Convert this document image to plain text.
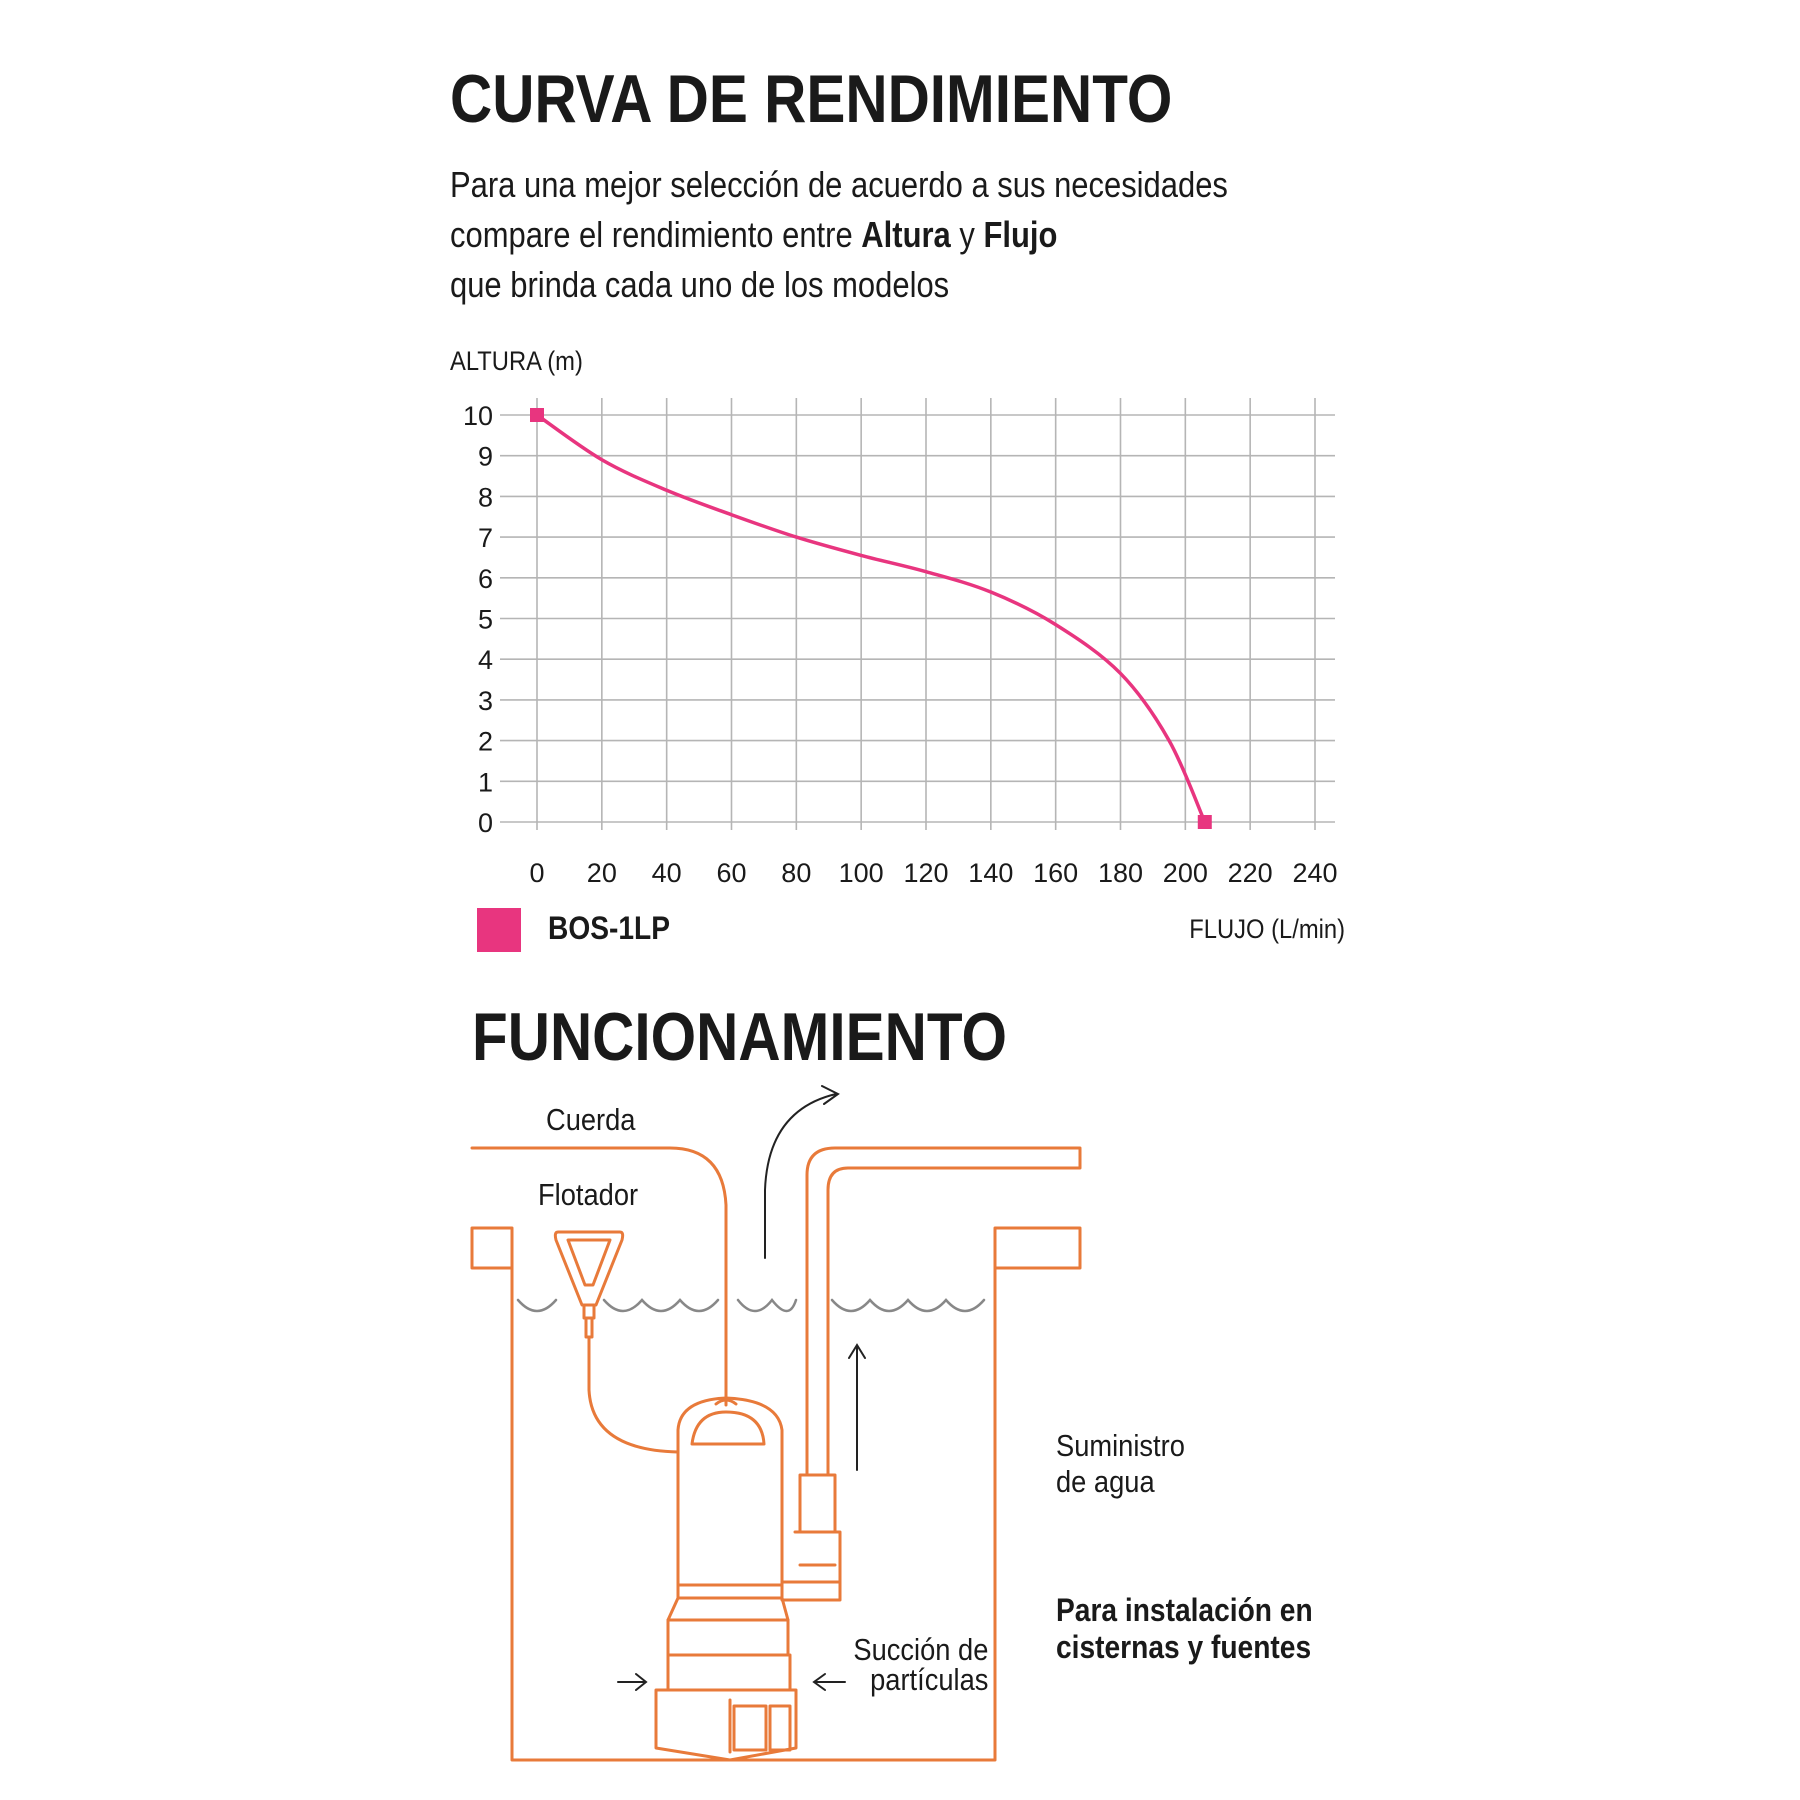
CURVA DE RENDIMIENTO
Para una mejor selección de acuerdo a sus necesidades
compare el rendimiento entre Altura y Flujo
que brinda cada uno de los modelos
ALTURA (m)
0
1
2
3
4
5
6
7
8
9
10
0 20 40 60 80 100 120 140 160 180 200 220 240
BOS-1LP	FLUJO (L/min)
FUNCIONAMIENTO
Cuerda
Flotador
Suministro
de agua
Succión de
partículas
Para instalación en
cisternas y fuentes
